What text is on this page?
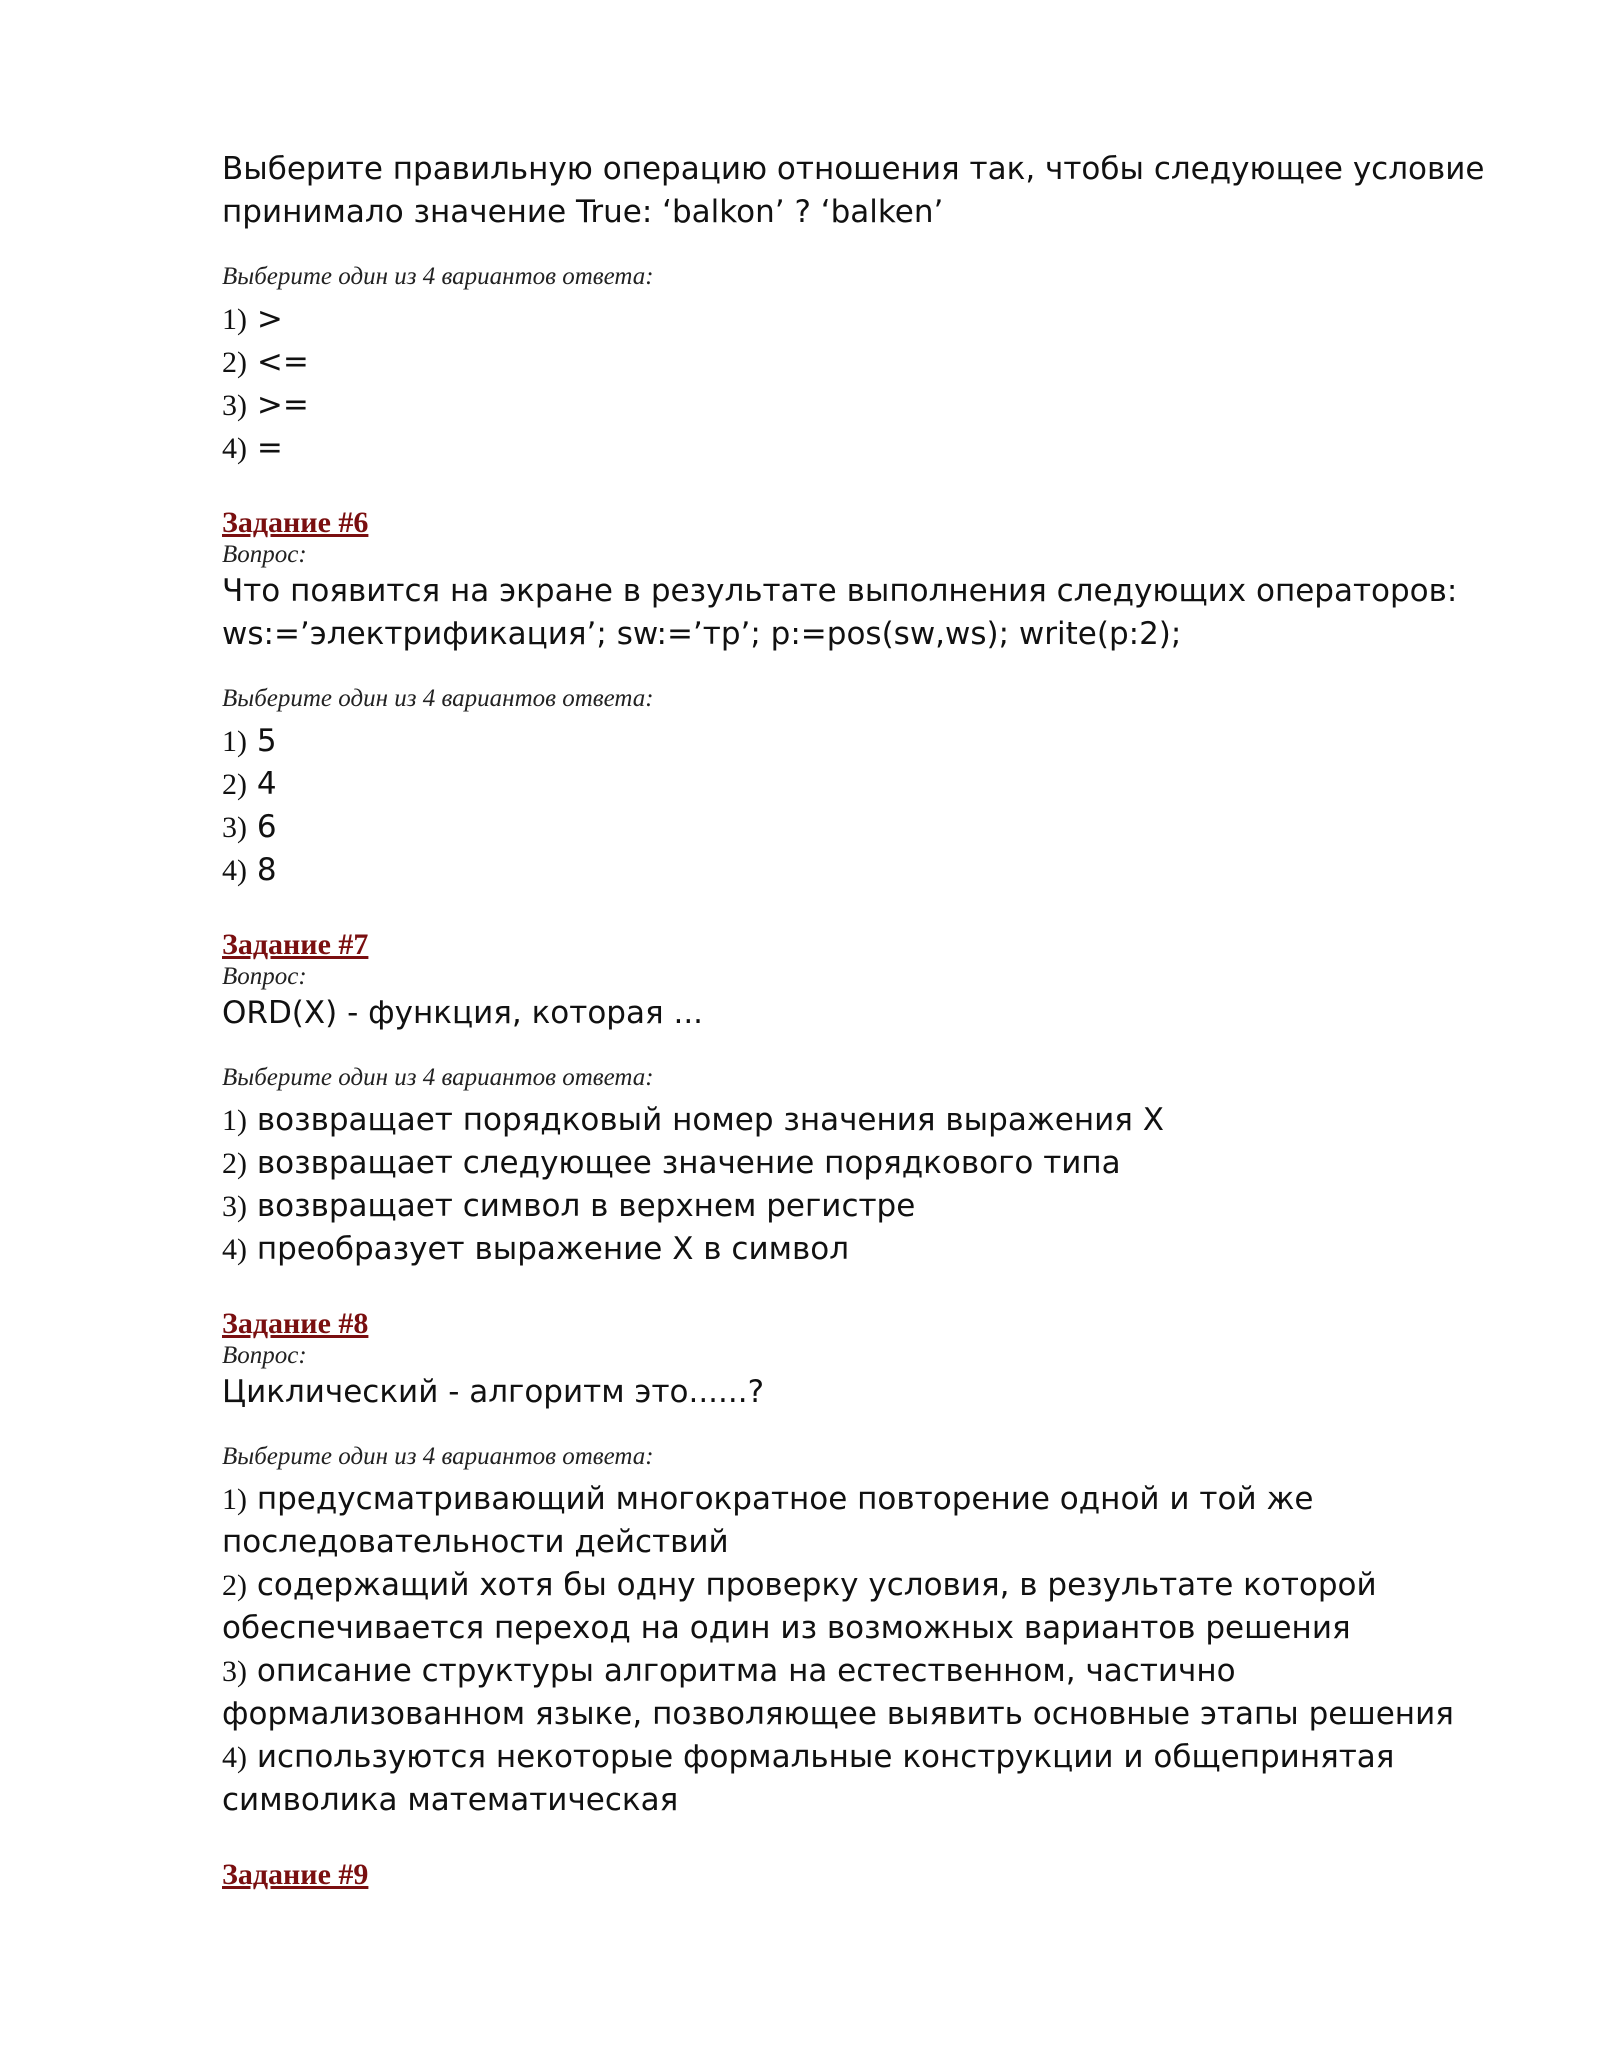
Выберите правильную операцию отношения так, чтобы следующее условие принимало значение True: ‘balkon’ ? ‘balken’

Выберите один из 4 вариантов ответа:
1) >
2) <=
3) >=
4) =
Задание #6
Вопрос:

Что появится на экране в результате выполнения следующих операторов: ws:=’электрификация’; sw:=’тр’; p:=pos(sw,ws); write(p:2);

Выберите один из 4 вариантов ответа:
1) 5
2) 4
3) 6
4) 8
Задание #7
Вопрос:

ORD(X) - функция, которая ...

Выберите один из 4 вариантов ответа:
1) возвращает порядковый номер значения выражения X
2) возвращает следующее значение порядкового типа
3) возвращает символ в верхнем регистре
4) преобразует выражение X в символ
Задание #8
Вопрос:

Циклический - алгоритм это......?

Выберите один из 4 вариантов ответа:
1) предусматривающий многократное повторение одной и той же последовательности действий
2) содержащий хотя бы одну проверку условия, в результате которой обеспечивается переход на один из возможных вариантов решения
3) описание структуры алгоритма на естественном, частично формализованном языке, позволяющее выявить основные этапы решения
4) используются некоторые формальные конструкции и общепринятая символика математическая
Задание #9
